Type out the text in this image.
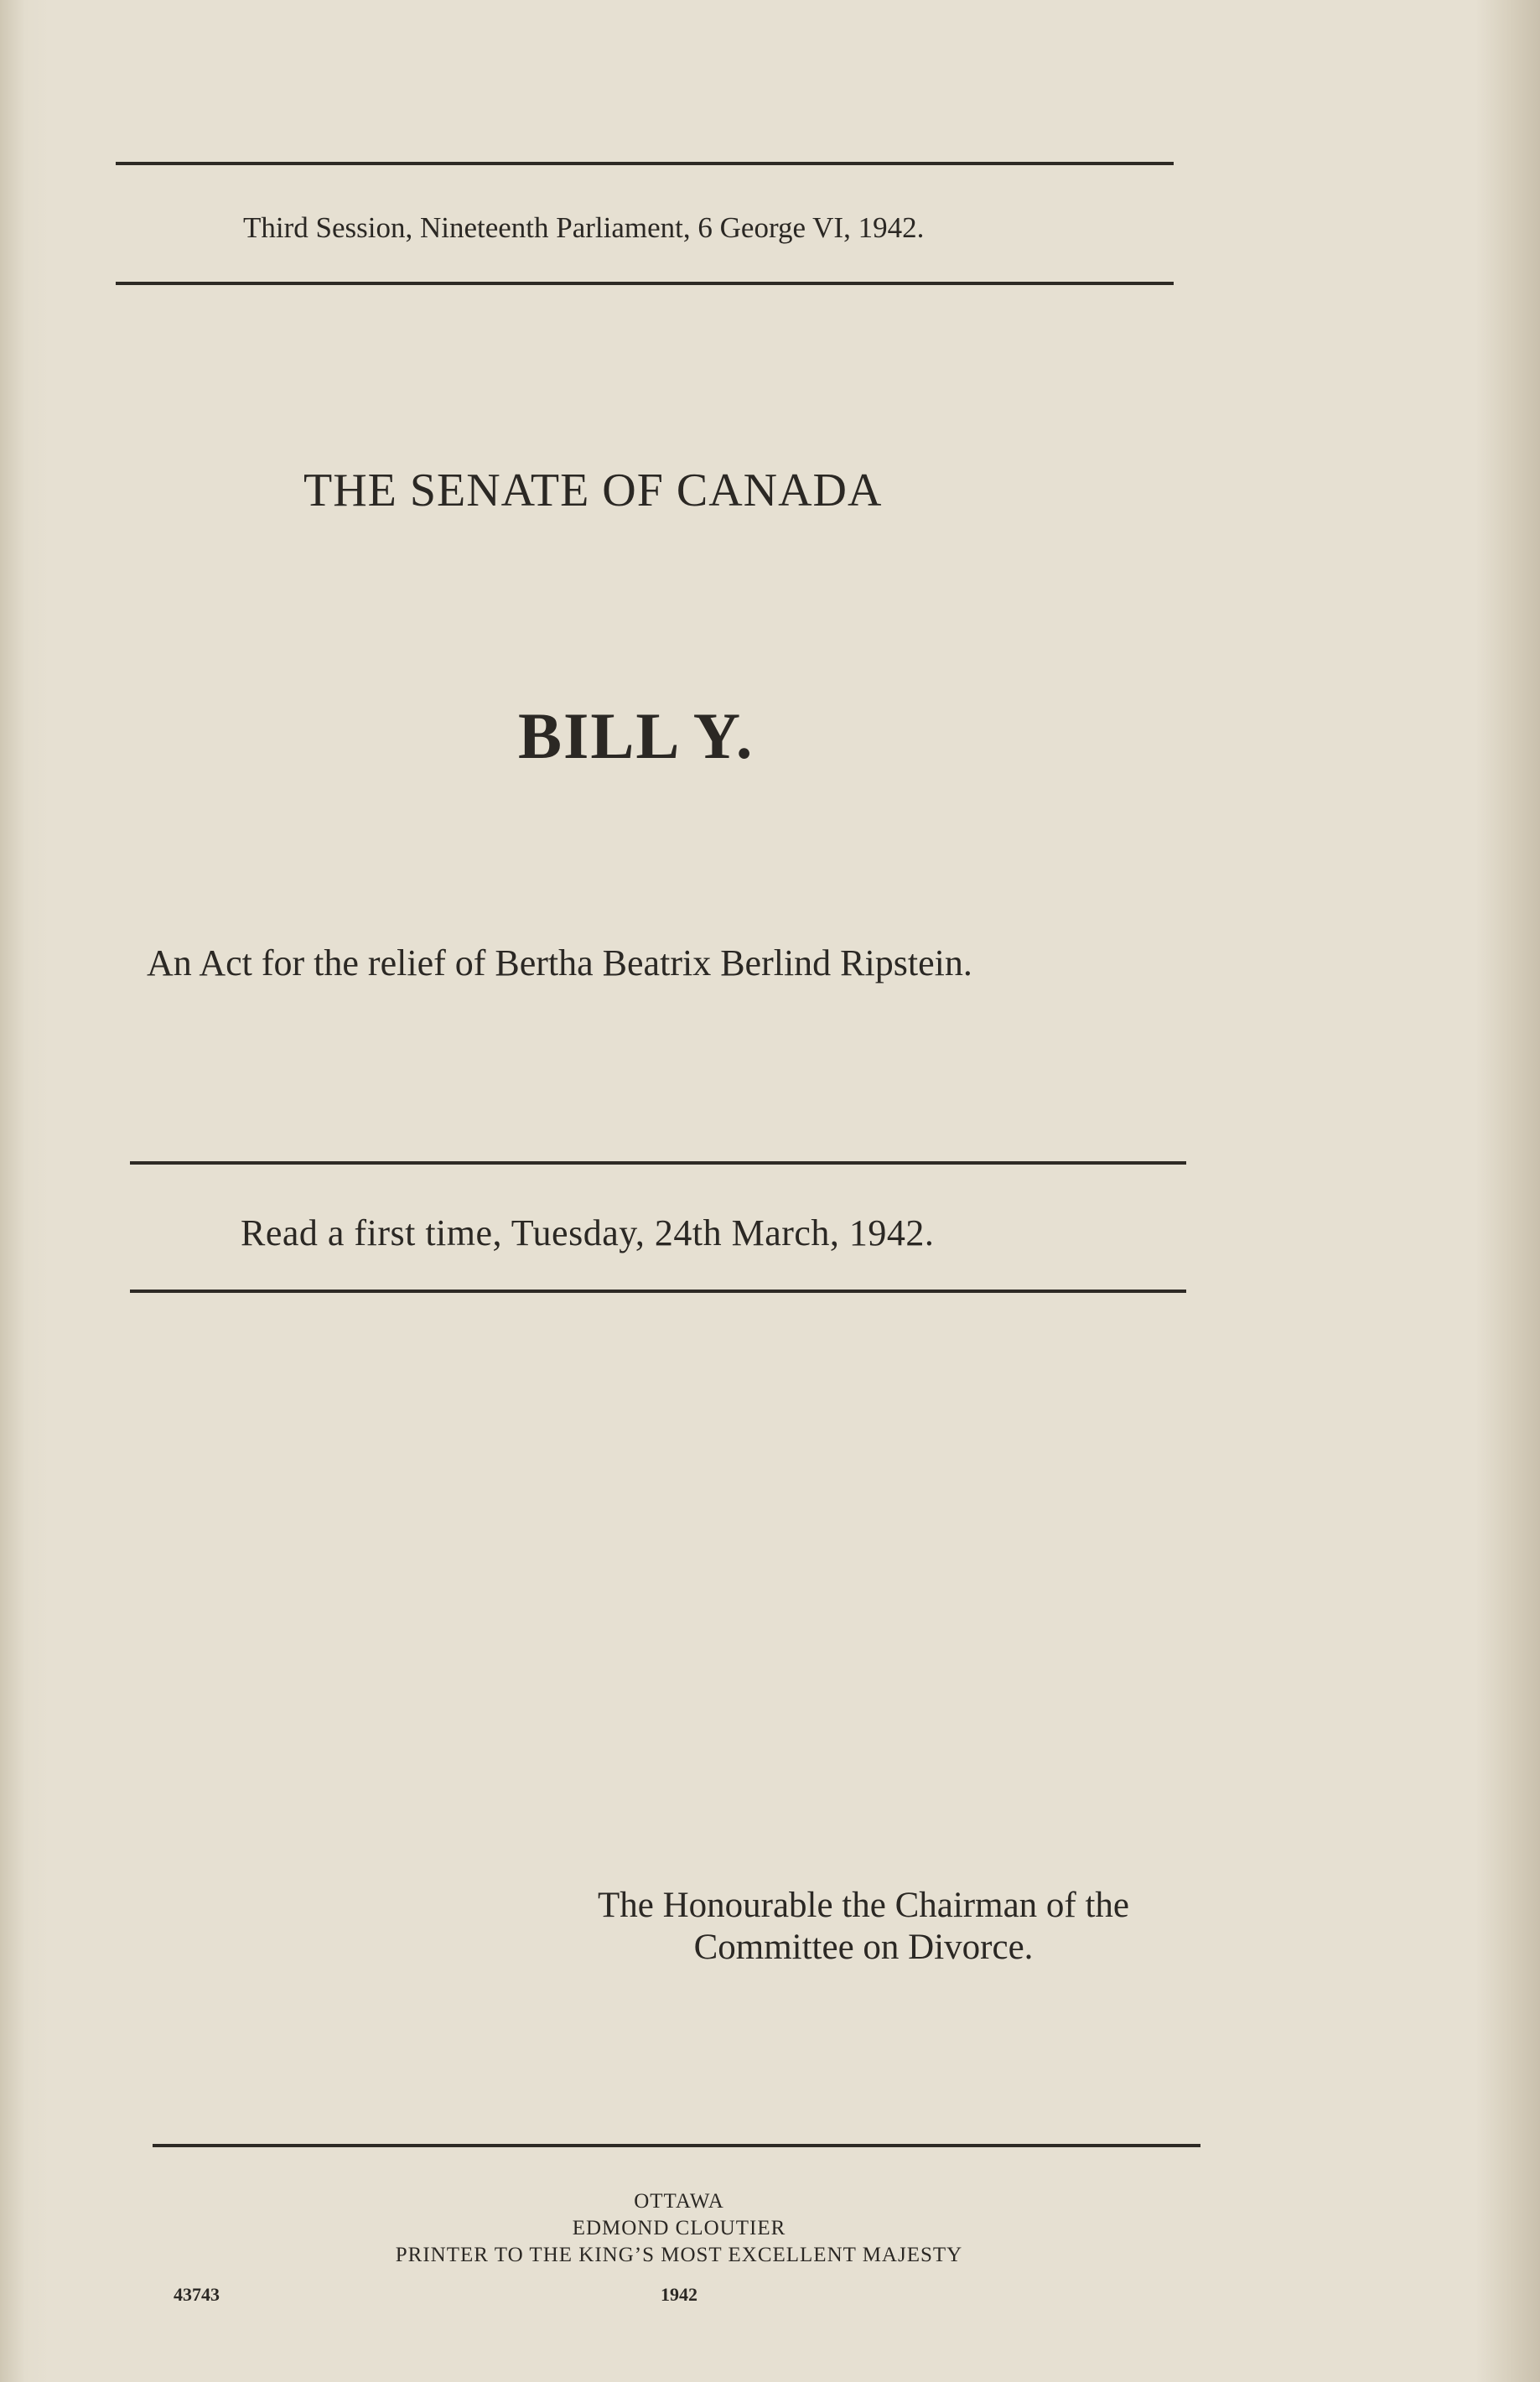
Third Session, Nineteenth Parliament, 6 George VI, 1942.
THE SENATE OF CANADA
BILL Y.
An Act for the relief of Bertha Beatrix Berlind Ripstein.
Read a first time, Tuesday, 24th March, 1942.
The Honourable the Chairman of the
Committee on Divorce.
OTTAWA
EDMOND CLOUTIER
PRINTER TO THE KING’S MOST EXCELLENT MAJESTY
1942
43743
